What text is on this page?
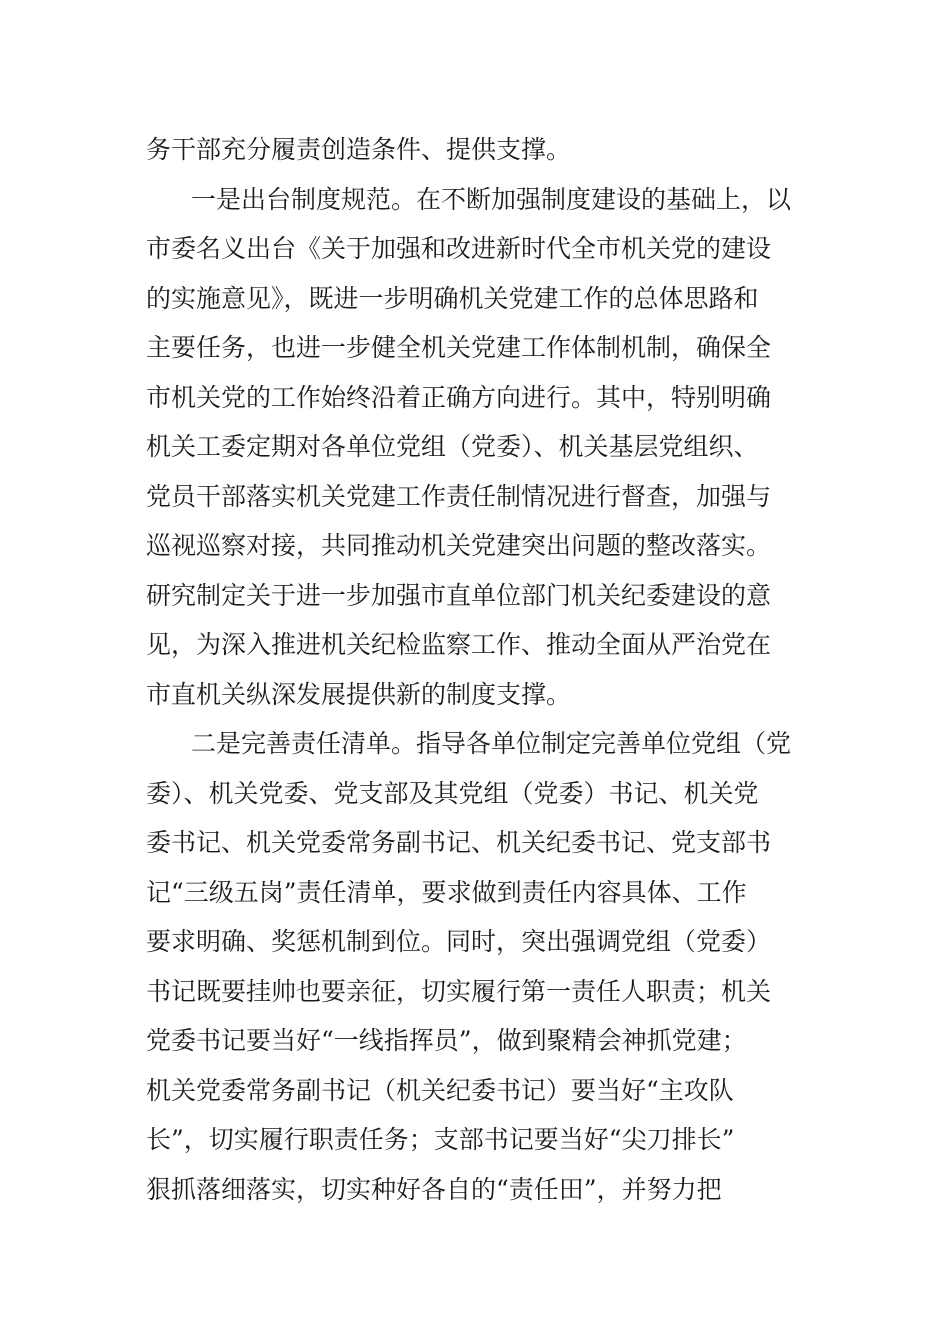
务干部充分履责创造条件、提供支撑。
一是出台制度规范。在不断加强制度建设的基础上，以
市委名义出台《关于加强和改进新时代全市机关党的建设
的实施意见》，既进一步明确机关党建工作的总体思路和
主要任务，也进一步健全机关党建工作体制机制，确保全
市机关党的工作始终沿着正确方向进行。其中，特别明确
机关工委定期对各单位党组（党委）、机关基层党组织、
党员干部落实机关党建工作责任制情况进行督查，加强与
巡视巡察对接，共同推动机关党建突出问题的整改落实。
研究制定关于进一步加强市直单位部门机关纪委建设的意
见，为深入推进机关纪检监察工作、推动全面从严治党在
市直机关纵深发展提供新的制度支撑。
二是完善责任清单。指导各单位制定完善单位党组（党
委）、机关党委、党支部及其党组（党委）书记、机关党
委书记、机关党委常务副书记、机关纪委书记、党支部书
记“三级五岗”责任清单，要求做到责任内容具体、工作
要求明确、奖惩机制到位。同时，突出强调党组（党委）
书记既要挂帅也要亲征，切实履行第一责任人职责；机关
党委书记要当好“一线指挥员”，做到聚精会神抓党建；
机关党委常务副书记（机关纪委书记）要当好“主攻队
长”，切实履行职责任务；支部书记要当好“尖刀排长”
狠抓落细落实，切实种好各自的“责任田”，并努力把
